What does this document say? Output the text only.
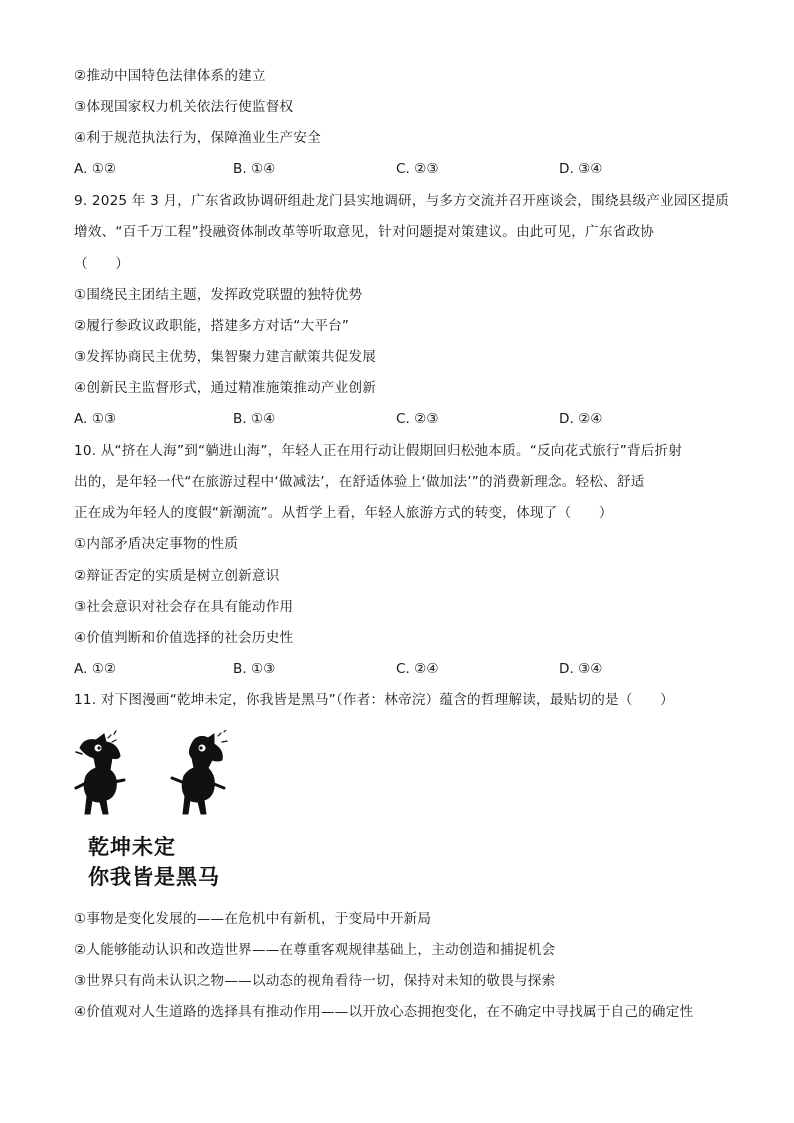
②推动中国特色法律体系的建立
③体现国家权力机关依法行使监督权
④利于规范执法行为，保障渔业生产安全
A. ①②	B. ①④	C. ②③	D. ③④
9. 2025 年 3 月，广东省政协调研组赴龙门县实地调研，与多方交流并召开座谈会，围绕县级产业园区提质
增效、“百千万工程”投融资体制改革等听取意见，针对问题提对策建议。由此可见，广东省政协
（　　）
①围绕民主团结主题，发挥政党联盟的独特优势
②履行参政议政职能，搭建多方对话“大平台”
③发挥协商民主优势，集智聚力建言献策共促发展
④创新民主监督形式，通过精准施策推动产业创新
A. ①③	B. ①④	C. ②③	D. ②④
10. 从“挤在人海”到“躺进山海”，年轻人正在用行动让假期回归松弛本质。“反向花式旅行”背后折射
出的，是年轻一代“在旅游过程中‘做减法’，在舒适体验上‘做加法’”的消费新理念。轻松、舒适
正在成为年轻人的度假“新潮流”。从哲学上看，年轻人旅游方式的转变，体现了（　　）
①内部矛盾决定事物的性质
②辩证否定的实质是树立创新意识
③社会意识对社会存在具有能动作用
④价值判断和价值选择的社会历史性
A. ①②	B. ①③	C. ②④	D. ③④
11. 对下图漫画“乾坤未定，你我皆是黑马”（作者：林帝浣）蕴含的哲理解读，最贴切的是（　　）
乾坤未定
你我皆是黑马
①事物是变化发展的——在危机中有新机，于变局中开新局
②人能够能动认识和改造世界——在尊重客观规律基础上，主动创造和捕捉机会
③世界只有尚未认识之物——以动态的视角看待一切，保持对未知的敬畏与探索
④价值观对人生道路的选择具有推动作用——以开放心态拥抱变化，在不确定中寻找属于自己的确定性
